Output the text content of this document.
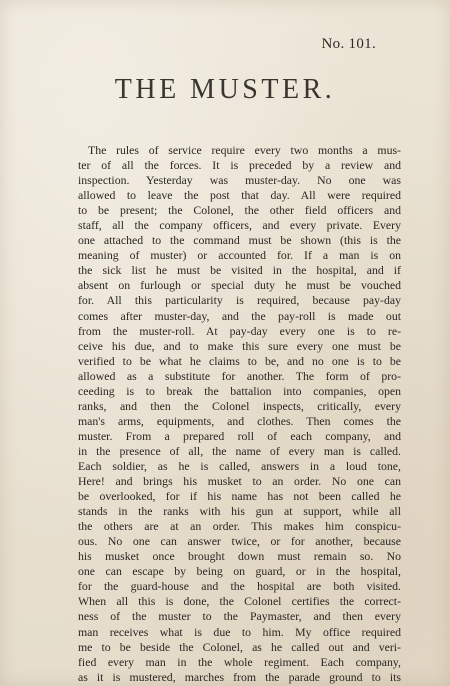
No. 101.
THE MUSTER.
The rules of service require every two months a mus-
ter of all the forces. It is preceded by a review and
inspection. Yesterday was muster-day. No one was
allowed to leave the post that day. All were required
to be present; the Colonel, the other field officers and
staff, all the company officers, and every private. Every
one attached to the command must be shown (this is the
meaning of muster) or accounted for. If a man is on
the sick list he must be visited in the hospital, and if
absent on furlough or special duty he must be vouched
for. All this particularity is required, because pay-day
comes after muster-day, and the pay-roll is made out
from the muster-roll. At pay-day every one is to re-
ceive his due, and to make this sure every one must be
verified to be what he claims to be, and no one is to be
allowed as a substitute for another. The form of pro-
ceeding is to break the battalion into companies, open
ranks, and then the Colonel inspects, critically, every
man's arms, equipments, and clothes. Then comes the
muster. From a prepared roll of each company, and
in the presence of all, the name of every man is called.
Each soldier, as he is called, answers in a loud tone,
Here! and brings his musket to an order. No one can
be overlooked, for if his name has not been called he
stands in the ranks with his gun at support, while all
the others are at an order. This makes him conspicu-
ous. No one can answer twice, or for another, because
his musket once brought down must remain so. No
one can escape by being on guard, or in the hospital,
for the guard-house and the hospital are both visited.
When all this is done, the Colonel certifies the correct-
ness of the muster to the Paymaster, and then every
man receives what is due to him. My office required
me to be beside the Colonel, as he called out and veri-
fied every man in the whole regiment. Each company,
as it is mustered, marches from the parade ground to its
